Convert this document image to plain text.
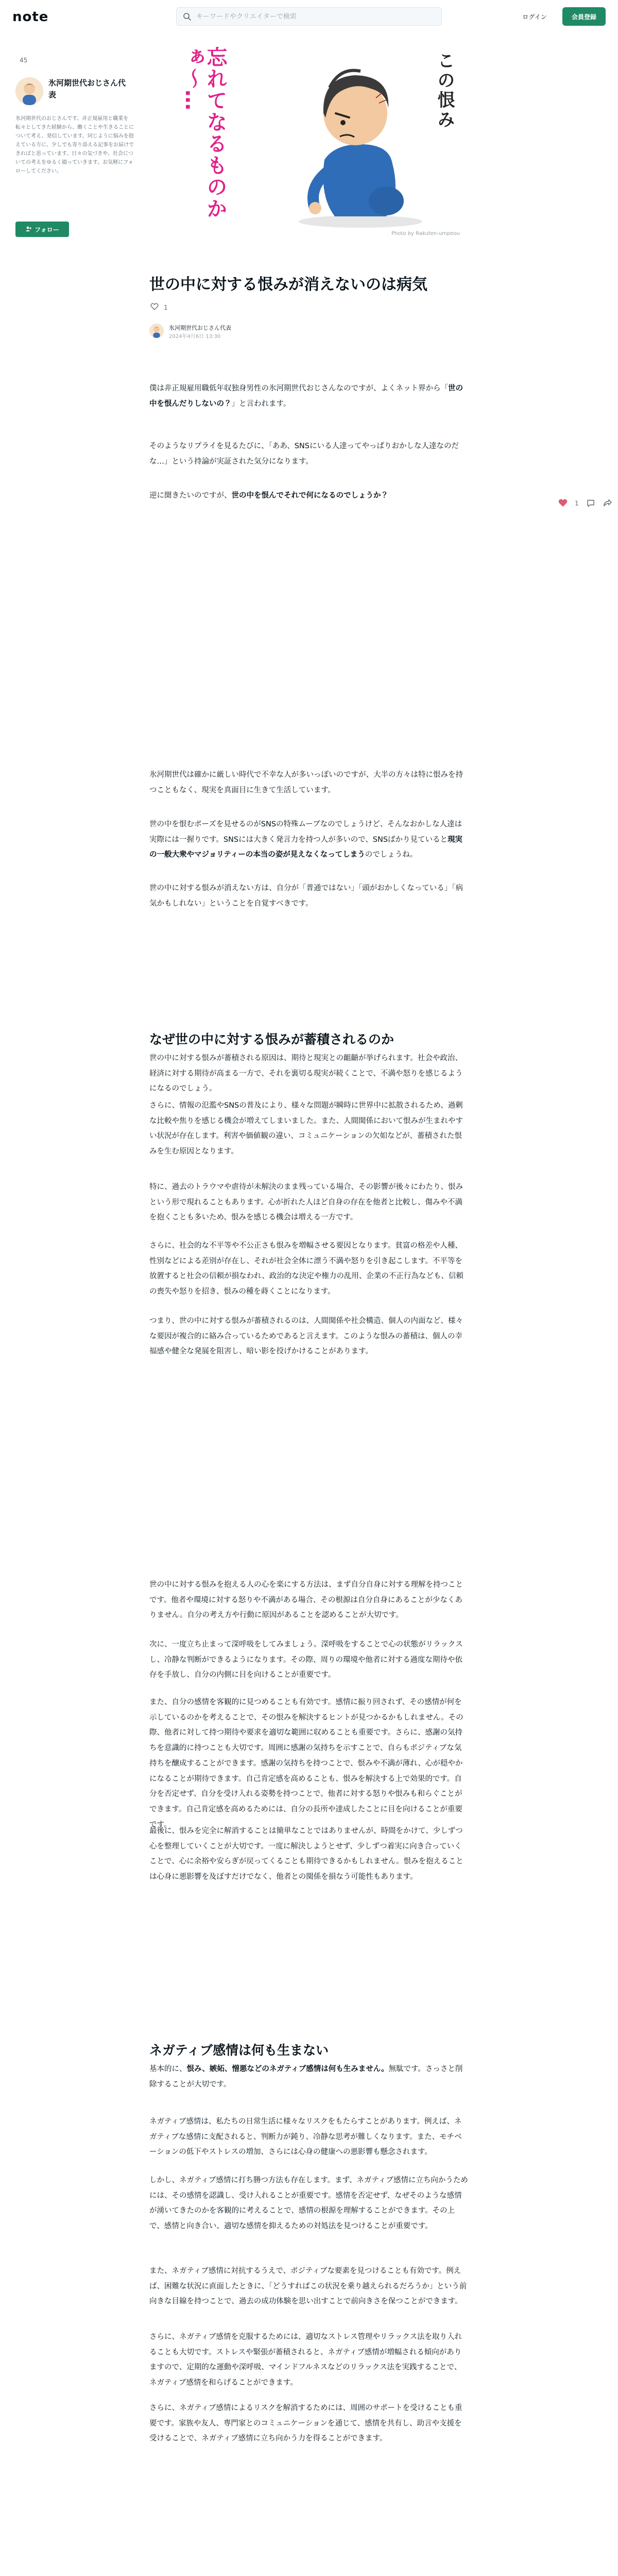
note
キーワードやクリエイターで検索	ログイン	会員登録
45
氷河期世代おじさん代表
氷河期世代のおじさんです。非正規雇用と職業を転々としてきた経験から、働くことや生きることについて考え、発信しています。同じように悩みを抱えている方に、少しでも寄り添える記事をお届けできればと思っています。日々の気づきや、社会についての考えをゆるく綴っていきます。お気軽にフォローしてください。
フォロー
この恨み
忘れてなるものかぁ〜…
Photo by Rakuten-umpeou
世の中に対する恨みが消えないのは病気
1
氷河期世代おじさん代表
2024年4月6日 13:30

僕は非正規雇用職低年収独身男性の氷河期世代おじさんなのですが、よくネット界から「世の中を恨んだりしないの？」と言われます。

そのようなリプライを見るたびに、「ああ、SNSにいる人達ってやっぱりおかしな人達なのだな…」という持論が実証された気分になります。

逆に聞きたいのですが、世の中を恨んでそれで何になるのでしょうか？

氷河期世代は確かに厳しい時代で不幸な人が多いっぽいのですが、大半の方々は特に恨みを持つこともなく、現実を真面目に生きて生活しています。

世の中を恨むポーズを見せるのがSNSの特殊ムーブなのでしょうけど、そんなおかしな人達は実際には一握りです。SNSには大きく発言力を持つ人が多いので、SNSばかり見ていると現実の一般大衆やマジョリティーの本当の姿が見えなくなってしまうのでしょうね。

世の中に対する恨みが消えない方は、自分が「普通ではない」「頭がおかしくなっている」「病気かもしれない」ということを自覚すべきです。

なぜ世の中に対する恨みが蓄積されるのか

世の中に対する恨みが蓄積される原因は、期待と現実との齟齬が挙げられます。社会や政治、経済に対する期待が高まる一方で、それを裏切る現実が続くことで、不満や怒りを感じるようになるのでしょう。

さらに、情報の氾濫やSNSの普及により、様々な問題が瞬時に世界中に拡散されるため、過剰な比較や焦りを感じる機会が増えてしまいました。また、人間関係において恨みが生まれやすい状況が存在します。利害や価値観の違い、コミュニケーションの欠如などが、蓄積された恨みを生む原因となります。

特に、過去のトラウマや虐待が未解決のまま残っている場合、その影響が後々にわたり、恨みという形で現れることもあります。心が折れた人ほど自身の存在を他者と比較し、傷みや不満を抱くことも多いため、恨みを感じる機会は増える一方です。

さらに、社会的な不平等や不公正さも恨みを増幅させる要因となります。貧富の格差や人種、性別などによる差別が存在し、それが社会全体に漂う不満や怒りを引き起こします。不平等を放置すると社会の信頼が損なわれ、政治的な決定や権力の乱用、企業の不正行為なども、信頼の喪失や怒りを招き、恨みの種を蒔くことになります。

つまり、世の中に対する恨みが蓄積されるのは、人間関係や社会構造、個人の内面など、様々な要因が複合的に絡み合っているためであると言えます。このような恨みの蓄積は、個人の幸福感や健全な発展を阻害し、暗い影を投げかけることがあります。

世の中に対する恨みを抱える人の心を楽にする方法は、まず自分自身に対する理解を持つことです。他者や環境に対する怒りや不満がある場合、その根源は自分自身にあることが少なくありません。自分の考え方や行動に原因があることを認めることが大切です。

次に、一度立ち止まって深呼吸をしてみましょう。深呼吸をすることで心の状態がリラックスし、冷静な判断ができるようになります。その際、周りの環境や他者に対する過度な期待や依存を手放し、自分の内側に目を向けることが重要です。

また、自分の感情を客観的に見つめることも有効です。感情に振り回されず、その感情が何を示しているのかを考えることで、その恨みを解決するヒントが見つかるかもしれません。その際、他者に対して持つ期待や要求を適切な範囲に収めることも重要です。さらに、感謝の気持ちを意識的に持つことも大切です。周囲に感謝の気持ちを示すことで、自らもポジティブな気持ちを醸成することができます。感謝の気持ちを持つことで、恨みや不満が薄れ、心が穏やかになることが期待できます。自己肯定感を高めることも、恨みを解決する上で効果的です。自分を否定せず、自分を受け入れる姿勢を持つことで、他者に対する怒りや恨みも和らぐことができます。自己肯定感を高めるためには、自分の長所や達成したことに目を向けることが重要です。

最後に、恨みを完全に解消することは簡単なことではありませんが、時間をかけて、少しずつ心を整理していくことが大切です。一度に解決しようとせず、少しずつ着実に向き合っていくことで、心に余裕や安らぎが戻ってくることも期待できるかもしれません。恨みを抱えることは心身に悪影響を及ぼすだけでなく、他者との関係を損なう可能性もあります。

ネガティブ感情は何も生まない

基本的に、恨み、嫉妬、憎悪などのネガティブ感情は何も生みません。無駄です。さっさと削除することが大切です。

ネガティブ感情は、私たちの日常生活に様々なリスクをもたらすことがあります。例えば、ネガティブな感情に支配されると、判断力が鈍り、冷静な思考が難しくなります。また、モチベーションの低下やストレスの増加、さらには心身の健康への悪影響も懸念されます。

しかし、ネガティブ感情に打ち勝つ方法も存在します。まず、ネガティブ感情に立ち向かうためには、その感情を認識し、受け入れることが重要です。感情を否定せず、なぜそのような感情が湧いてきたのかを客観的に考えることで、感情の根源を理解することができます。その上で、感情と向き合い、適切な感情を抑えるための対処法を見つけることが重要です。

また、ネガティブ感情に対抗するうえで、ポジティブな要素を見つけることも有効です。例えば、困難な状況に直面したときに、「どうすればこの状況を乗り越えられるだろうか」という前向きな目線を持つことで、過去の成功体験を思い出すことで前向きさを保つことができます。

さらに、ネガティブ感情を克服するためには、適切なストレス管理やリラックス法を取り入れることも大切です。ストレスや緊張が蓄積されると、ネガティブ感情が増幅される傾向がありますので、定期的な運動や深呼吸、マインドフルネスなどのリラックス法を実践することで、ネガティブ感情を和らげることができます。

さらに、ネガティブ感情によるリスクを解消するためには、周囲のサポートを受けることも重要です。家族や友人、専門家とのコミュニケーションを通じて、感情を共有し、助言や支援を受けることで、ネガティブ感情に立ち向かう力を得ることができます。

1
